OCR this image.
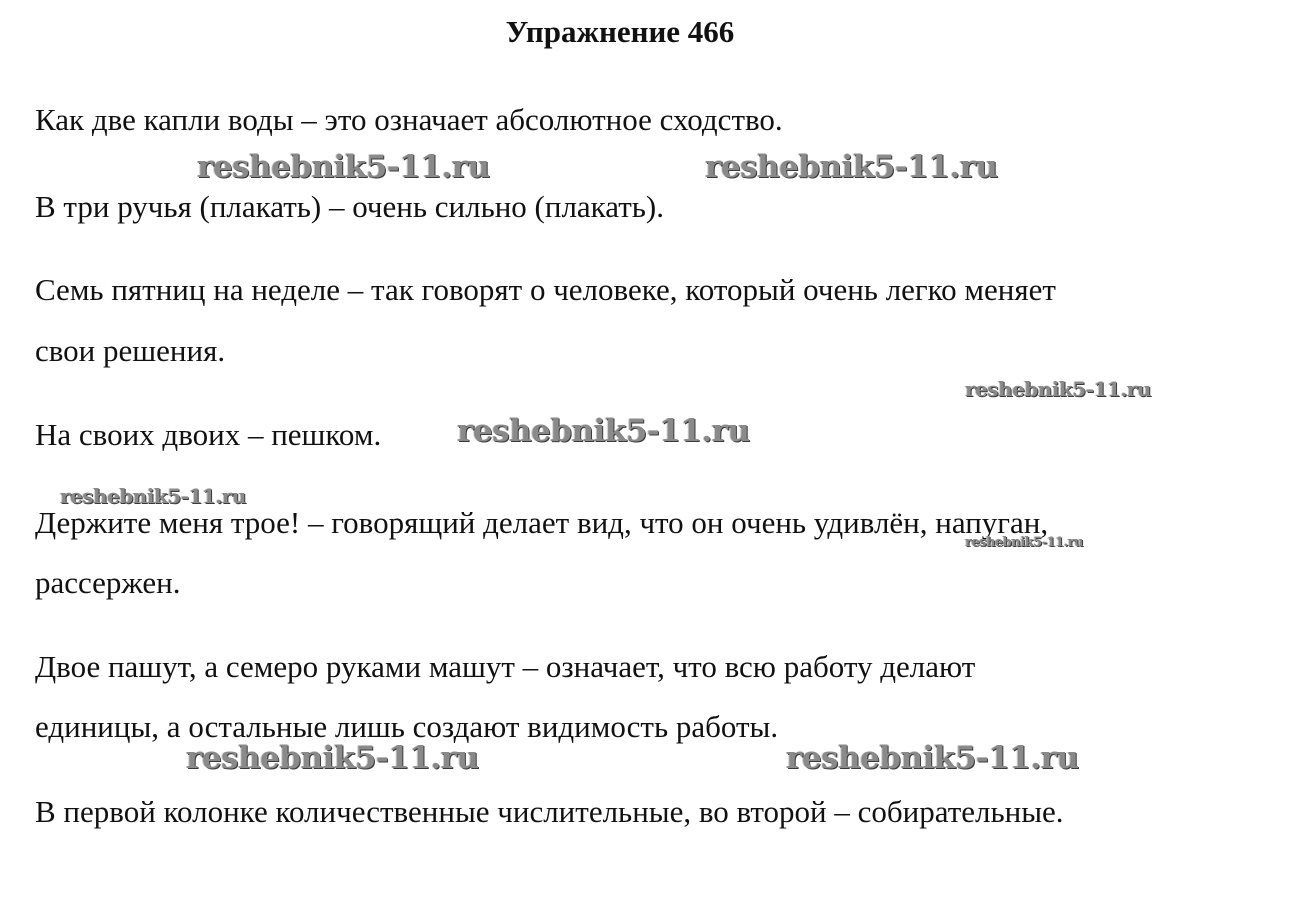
Упражнение 466

Как две капли воды – это означает абсолютное сходство.

В три ручья (плакать) – очень сильно (плакать).

Семь пятниц на неделе – так говорят о человеке, который очень легко меняет

свои решения.

На своих двоих – пешком.

Держите меня трое! – говорящий делает вид, что он очень удивлён, напуган,

рассержен.

Двое пашут, а семеро руками машут – означает, что всю работу делают

единицы, а остальные лишь создают видимость работы.

В первой колонке количественные числительные, во второй – собирательные.

reshebnik5-11.ru	reshebnik5-11.ru
reshebnik5-11.ru
reshebnik5-11.ru
reshebnik5-11.ru
reshebnik5-11.ru
reshebnik5-11.ru	reshebnik5-11.ru
